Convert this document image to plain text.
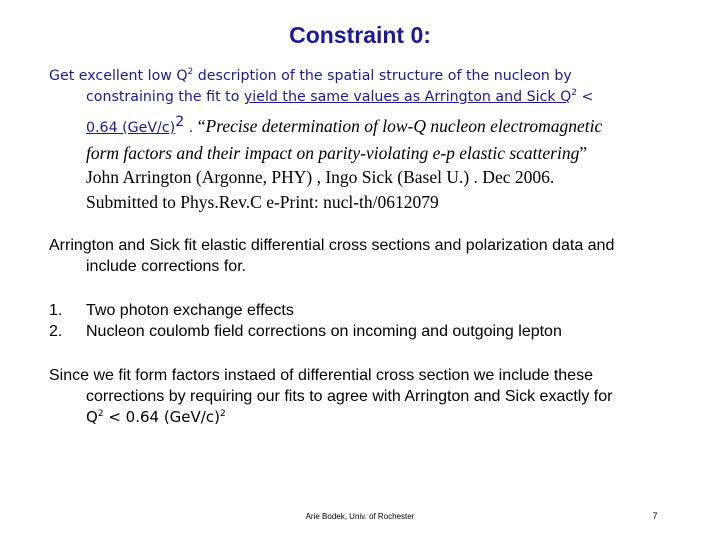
Constraint 0:
Get excellent low $Q^2$ description of the spatial structure of the nucleon by
constraining the fit to yield the same values as Arrington and Sick $Q^2$ <
0.64 (GeV/c)$^2$ . “Precise determination of low-Q nucleon electromagnetic
form factors and their impact on parity-violating e-p elastic scattering”
John Arrington (Argonne, PHY) , Ingo Sick (Basel U.) . Dec 2006.
Submitted to Phys.Rev.C e-Print: nucl-th/0612079
Arrington and Sick fit elastic differential cross sections and polarization data and
include corrections for.
1. Two photon exchange effects
2. Nucleon coulomb field corrections on incoming and outgoing lepton
Since we fit form factors instaed of differential cross section we include these
corrections by requiring our fits to agree with Arrington and Sick exactly for
$Q^2 < 0.64$ $(GeV/c)^2$
Arie Bodek, Univ. of Rochester	7
